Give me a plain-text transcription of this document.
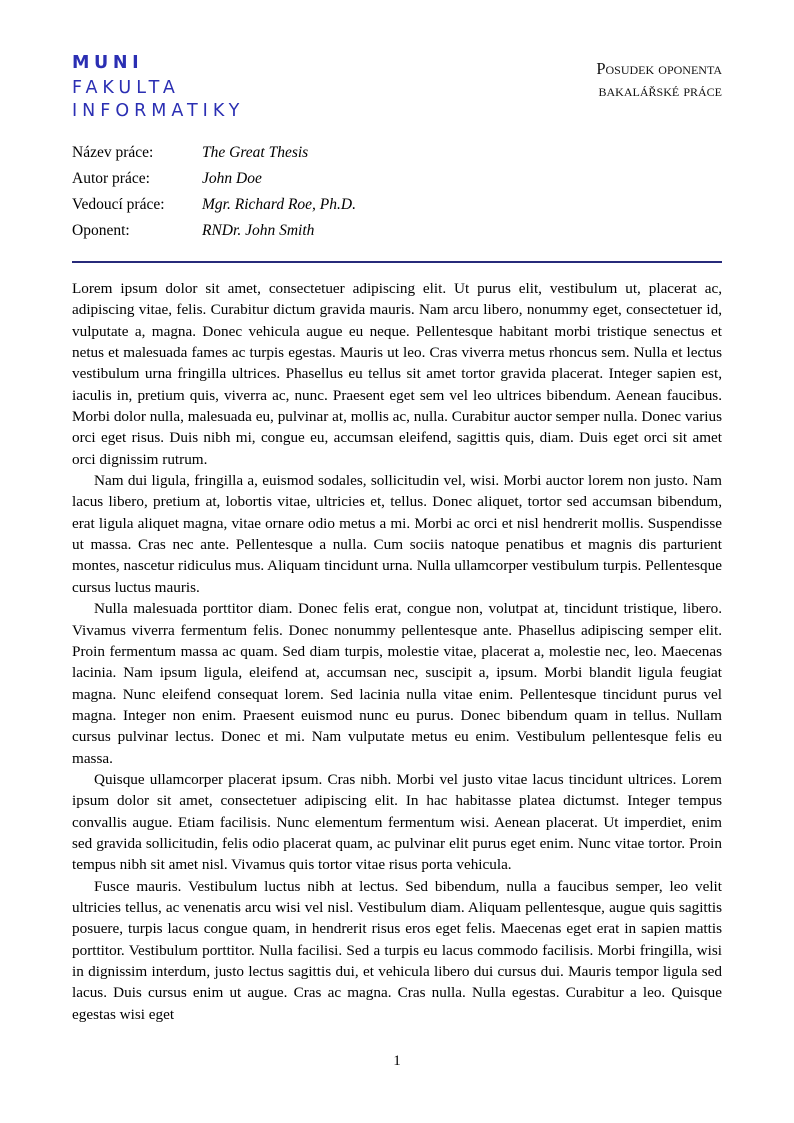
MUNI
FAKULTA
INFORMATIKY
Posudek oponenta
bakalářské práce
Název práce:	The Great Thesis
Autor práce:	John Doe
Vedoucí práce:	Mgr. Richard Roe, Ph.D.
Oponent:	RNDr. John Smith

Lorem ipsum dolor sit amet, consectetuer adipiscing elit. Ut purus elit, vestibulum ut, placerat ac, adipiscing vitae, felis. Curabitur dictum gravida mauris. Nam arcu libero, nonummy eget, consectetuer id, vulputate a, magna. Donec vehicula augue eu neque. Pellentesque habitant morbi tristique senectus et netus et malesuada fames ac turpis egestas. Mauris ut leo. Cras viverra metus rhoncus sem. Nulla et lectus vestibulum urna fringilla ultrices. Phasellus eu tellus sit amet tortor gravida placerat. Integer sapien est, iaculis in, pretium quis, viverra ac, nunc. Praesent eget sem vel leo ultrices bibendum. Aenean faucibus. Morbi dolor nulla, malesuada eu, pulvinar at, mollis ac, nulla. Curabitur auctor semper nulla. Donec varius orci eget risus. Duis nibh mi, congue eu, accumsan eleifend, sagittis quis, diam. Duis eget orci sit amet orci dignissim rutrum.

Nam dui ligula, fringilla a, euismod sodales, sollicitudin vel, wisi. Morbi auctor lorem non justo. Nam lacus libero, pretium at, lobortis vitae, ultricies et, tellus. Donec aliquet, tortor sed accumsan bibendum, erat ligula aliquet magna, vitae ornare odio metus a mi. Morbi ac orci et nisl hendrerit mollis. Suspendisse ut massa. Cras nec ante. Pellentesque a nulla. Cum sociis natoque penatibus et magnis dis parturient montes, nascetur ridiculus mus. Aliquam tincidunt urna. Nulla ullamcorper vestibulum turpis. Pellentesque cursus luctus mauris.

Nulla malesuada porttitor diam. Donec felis erat, congue non, volutpat at, tincidunt tristique, libero. Vivamus viverra fermentum felis. Donec nonummy pellentesque ante. Phasellus adipiscing semper elit. Proin fermentum massa ac quam. Sed diam turpis, molestie vitae, placerat a, molestie nec, leo. Maecenas lacinia. Nam ipsum ligula, eleifend at, accumsan nec, suscipit a, ipsum. Morbi blandit ligula feugiat magna. Nunc eleifend consequat lorem. Sed lacinia nulla vitae enim. Pellentesque tincidunt purus vel magna. Integer non enim. Praesent euismod nunc eu purus. Donec bibendum quam in tellus. Nullam cursus pulvinar lectus. Donec et mi. Nam vulputate metus eu enim. Vestibulum pellentesque felis eu massa.

Quisque ullamcorper placerat ipsum. Cras nibh. Morbi vel justo vitae lacus tincidunt ultrices. Lorem ipsum dolor sit amet, consectetuer adipiscing elit. In hac habitasse platea dictumst. Integer tempus convallis augue. Etiam facilisis. Nunc elementum fermentum wisi. Aenean placerat. Ut imperdiet, enim sed gravida sollicitudin, felis odio placerat quam, ac pulvinar elit purus eget enim. Nunc vitae tortor. Proin tempus nibh sit amet nisl. Vivamus quis tortor vitae risus porta vehicula.

Fusce mauris. Vestibulum luctus nibh at lectus. Sed bibendum, nulla a faucibus semper, leo velit ultricies tellus, ac venenatis arcu wisi vel nisl. Vestibulum diam. Aliquam pellentesque, augue quis sagittis posuere, turpis lacus congue quam, in hendrerit risus eros eget felis. Maecenas eget erat in sapien mattis porttitor. Vestibulum porttitor. Nulla facilisi. Sed a turpis eu lacus commodo facilisis. Morbi fringilla, wisi in dignissim interdum, justo lectus sagittis dui, et vehicula libero dui cursus dui. Mauris tempor ligula sed lacus. Duis cursus enim ut augue. Cras ac magna. Cras nulla. Nulla egestas. Curabitur a leo. Quisque egestas wisi eget

1
